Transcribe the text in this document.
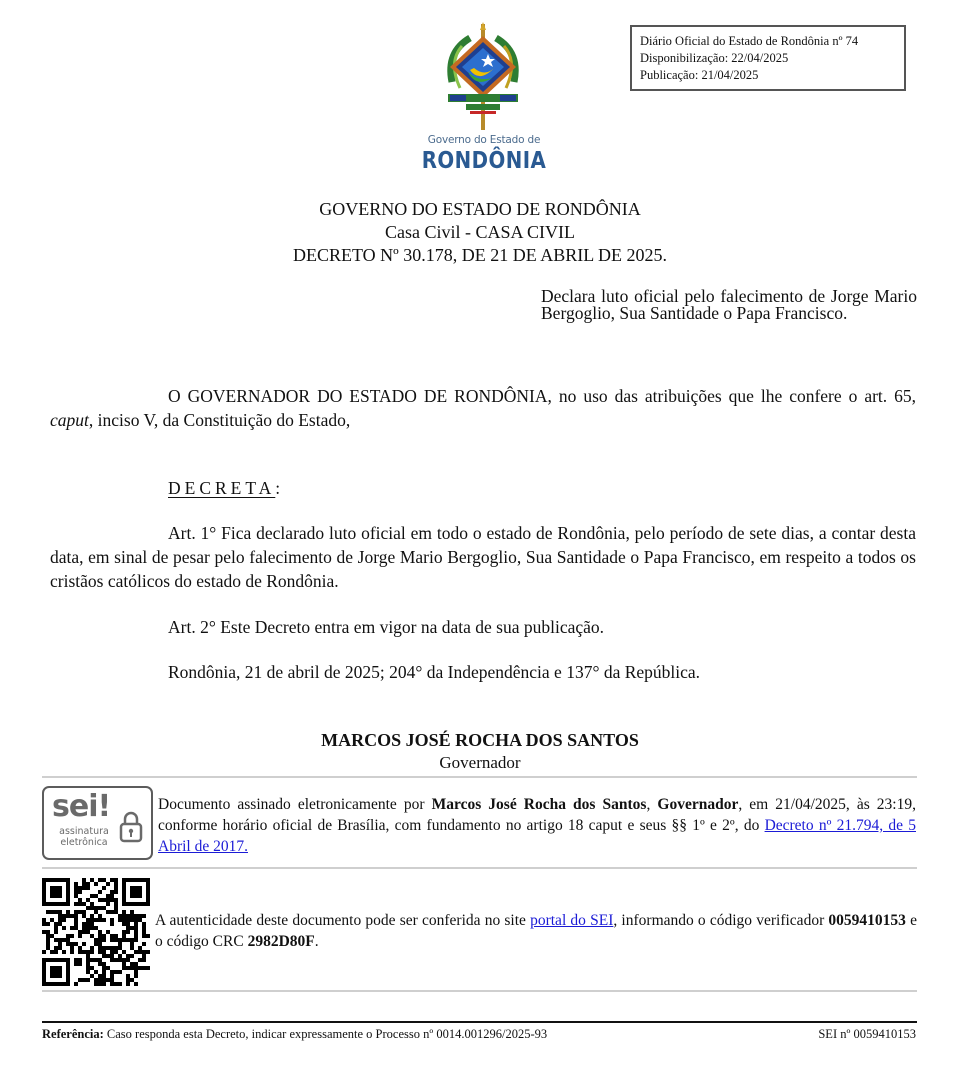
Diário Oficial do Estado de Rondônia nº 74
Disponibilização: 22/04/2025
Publicação: 21/04/2025
Governo do Estado de
RONDÔNIA
GOVERNO DO ESTADO DE RONDÔNIA
Casa Civil - CASA CIVIL
DECRETO Nº 30.178, DE 21 DE ABRIL DE 2025.
Declara luto oficial pelo falecimento de Jorge Mario Bergoglio, Sua Santidade o Papa Francisco.
O GOVERNADOR DO ESTADO DE RONDÔNIA, no uso das atribuições que lhe confere o art. 65, caput, inciso V, da Constituição do Estado,
DECRETA:
Art. 1° Fica declarado luto oficial em todo o estado de Rondônia, pelo período de sete dias, a contar desta data, em sinal de pesar pelo falecimento de Jorge Mario Bergoglio, Sua Santidade o Papa Francisco, em respeito a todos os cristãos católicos do estado de Rondônia.
Art. 2° Este Decreto entra em vigor na data de sua publicação.
Rondônia, 21 de abril de 2025; 204° da Independência e 137° da República.
MARCOS JOSÉ ROCHA DOS SANTOS
Governador
sei!
assinatura
eletrônica
Documento assinado eletronicamente por Marcos José Rocha dos Santos, Governador, em 21/04/2025, às 23:19, conforme horário oficial de Brasília, com fundamento no artigo 18 caput e seus §§ 1º e 2º, do Decreto nº 21.794, de 5 Abril de 2017.
A autenticidade deste documento pode ser conferida no site portal do SEI, informando o código verificador 0059410153 e o código CRC 2982D80F.
Referência: Caso responda esta Decreto, indicar expressamente o Processo nº 0014.001296/2025-93	SEI nº 0059410153
